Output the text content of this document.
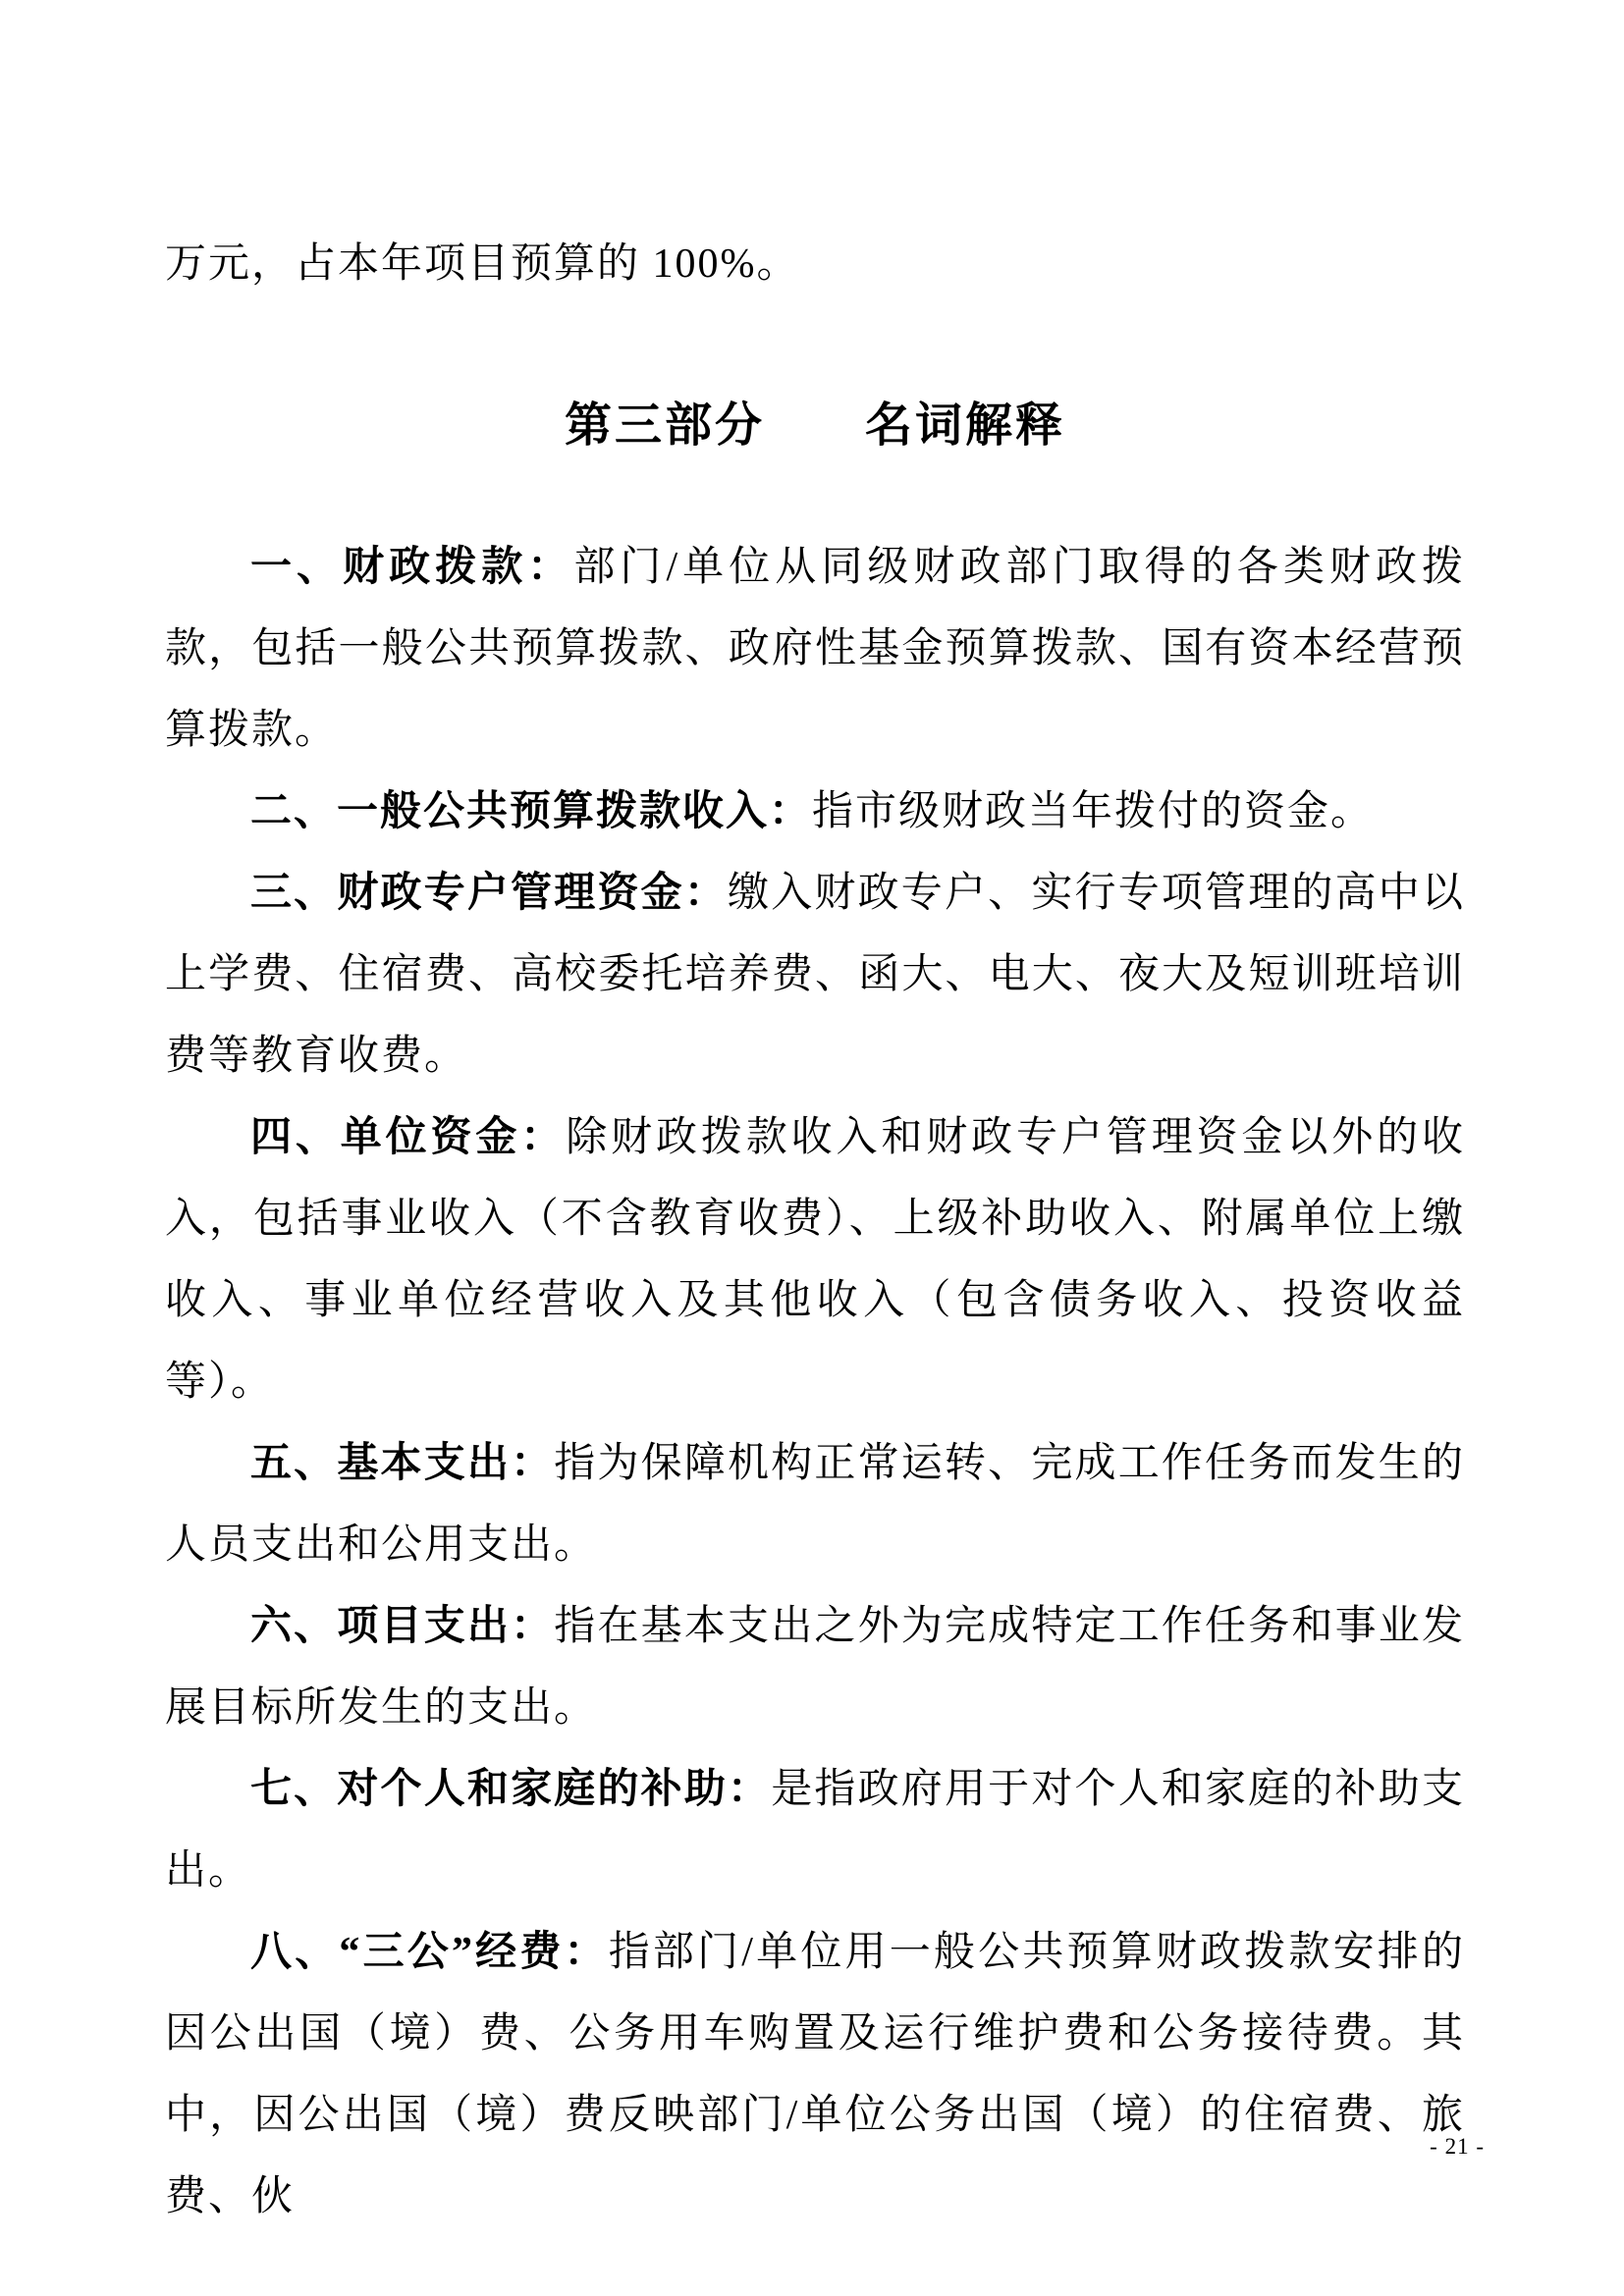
万元，占本年项目预算的 100%。

第三部分　　名词解释

一、财政拨款：部门/单位从同级财政部门取得的各类财政拨款，包括一般公共预算拨款、政府性基金预算拨款、国有资本经营预算拨款。

二、一般公共预算拨款收入：指市级财政当年拨付的资金。

三、财政专户管理资金：缴入财政专户、实行专项管理的高中以上学费、住宿费、高校委托培养费、函大、电大、夜大及短训班培训费等教育收费。

四、单位资金：除财政拨款收入和财政专户管理资金以外的收入，包括事业收入（不含教育收费）、上级补助收入、附属单位上缴收入、事业单位经营收入及其他收入（包含债务收入、投资收益等）。

五、基本支出：指为保障机构正常运转、完成工作任务而发生的人员支出和公用支出。

六、项目支出：指在基本支出之外为完成特定工作任务和事业发展目标所发生的支出。

七、对个人和家庭的补助：是指政府用于对个人和家庭的补助支出。

八、“三公”经费：指部门/单位用一般公共预算财政拨款安排的因公出国（境）费、公务用车购置及运行维护费和公务接待费。其中，因公出国（境）费反映部门/单位公务出国（境）的住宿费、旅费、伙

- 21 -
